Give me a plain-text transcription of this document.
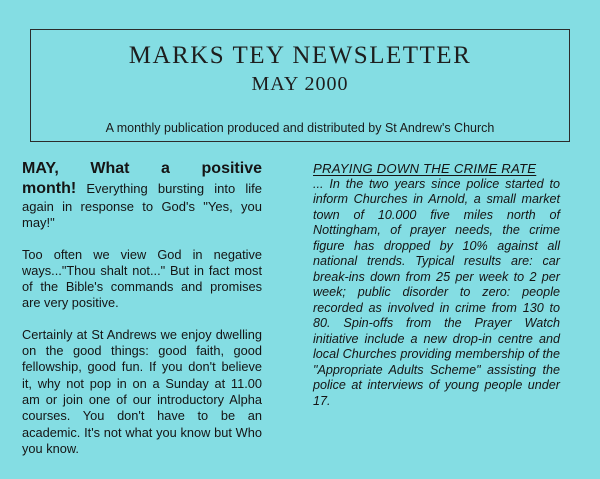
MARKS TEY NEWSLETTER
MAY 2000
A monthly publication produced and distributed by St Andrew's Church

MAY, What a positive month! Everything bursting into life again in response to God's "Yes, you may!"

Too often we view God in negative ways..."Thou shalt not..." But in fact most of the Bible's commands and promises are very positive.

Certainly at St Andrews we enjoy dwelling on the good things: good faith, good fellowship, good fun. If you don't believe it, why not pop in on a Sunday at 11.00 am or join one of our introductory Alpha courses. You don't have to be an academic. It's not what you know but Who you know.

PRAYING DOWN THE CRIME RATE
... In the two years since police started to inform Churches in Arnold, a small market town of 10.000 five miles north of Nottingham, of prayer needs, the crime figure has dropped by 10% against all national trends. Typical results are: car break-ins down from 25 per week to 2 per week; public disorder to zero: people recorded as involved in crime from 130 to 80. Spin-offs from the Prayer Watch initiative include a new drop-in centre and local Churches providing membership of the "Appropriate Adults Scheme" assisting the police at interviews of young people under 17.
